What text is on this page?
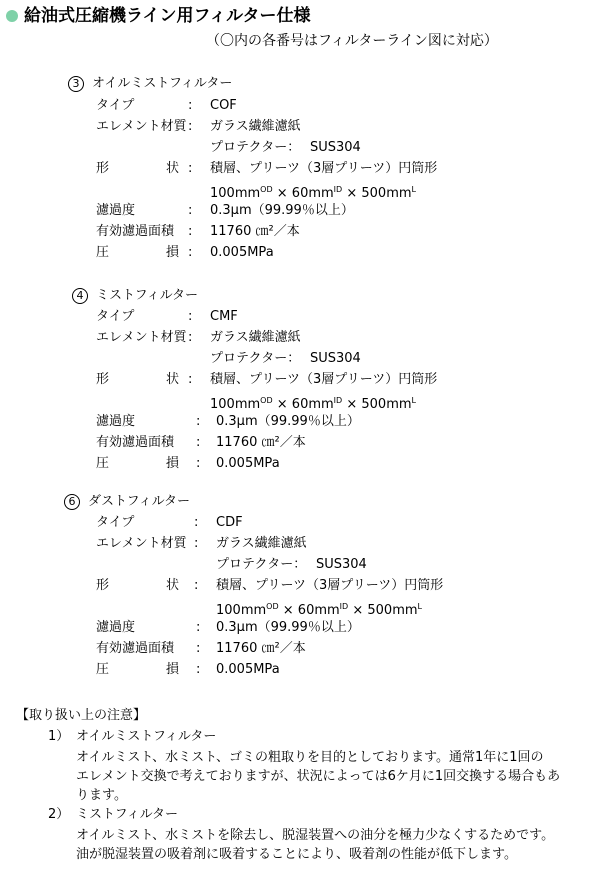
給油式圧縮機ライン用フィルター仕様
（〇内の各番号はフィルターライン図に対応）
3 オイルミストフィルター
タイプ	: COF
エレメント材質 : ガラス繊維濾紙
プロテクター： SUS304
形	状 : 積層、プリーツ（3層プリーツ）円筒形
$100mm^{OD} \times 60mm^{ID} \times 500mm^L$
濾過度	: 0.3μm（99.99％以上）
有効濾過面積 : 11760 ㎝²／本
圧	損 : 0.005MPa
4 ミストフィルター
タイプ	: CMF
エレメント材質 : ガラス繊維濾紙
プロテクター： SUS304
形	状 : 積層、プリーツ（3層プリーツ）円筒形
$100mm^{OD} \times 60mm^{ID} \times 500mm^L$
濾過度	: 0.3μm（99.99％以上）
有効濾過面積 : 11760 ㎝²／本
圧	損 : 0.005MPa
6 ダストフィルター
タイプ	: CDF
エレメント材質 : ガラス繊維濾紙
プロテクター： SUS304
形	状 : 積層、プリーツ（3層プリーツ）円筒形
$100mm^{OD} \times 60mm^{ID} \times 500mm^L$
濾過度	: 0.3μm（99.99％以上）
有効濾過面積 : 11760 ㎝²／本
圧	損 : 0.005MPa
【取り扱い上の注意】
1） オイルミストフィルター
オイルミスト、水ミスト、ゴミの粗取りを目的としております。通常1年に1回の
エレメント交換で考えておりますが、状況によっては6ケ月に1回交換する場合もあ
ります。
2） ミストフィルター
オイルミスト、水ミストを除去し、脱湿装置への油分を極力少なくするためです。
油が脱湿装置の吸着剤に吸着することにより、吸着剤の性能が低下します。
